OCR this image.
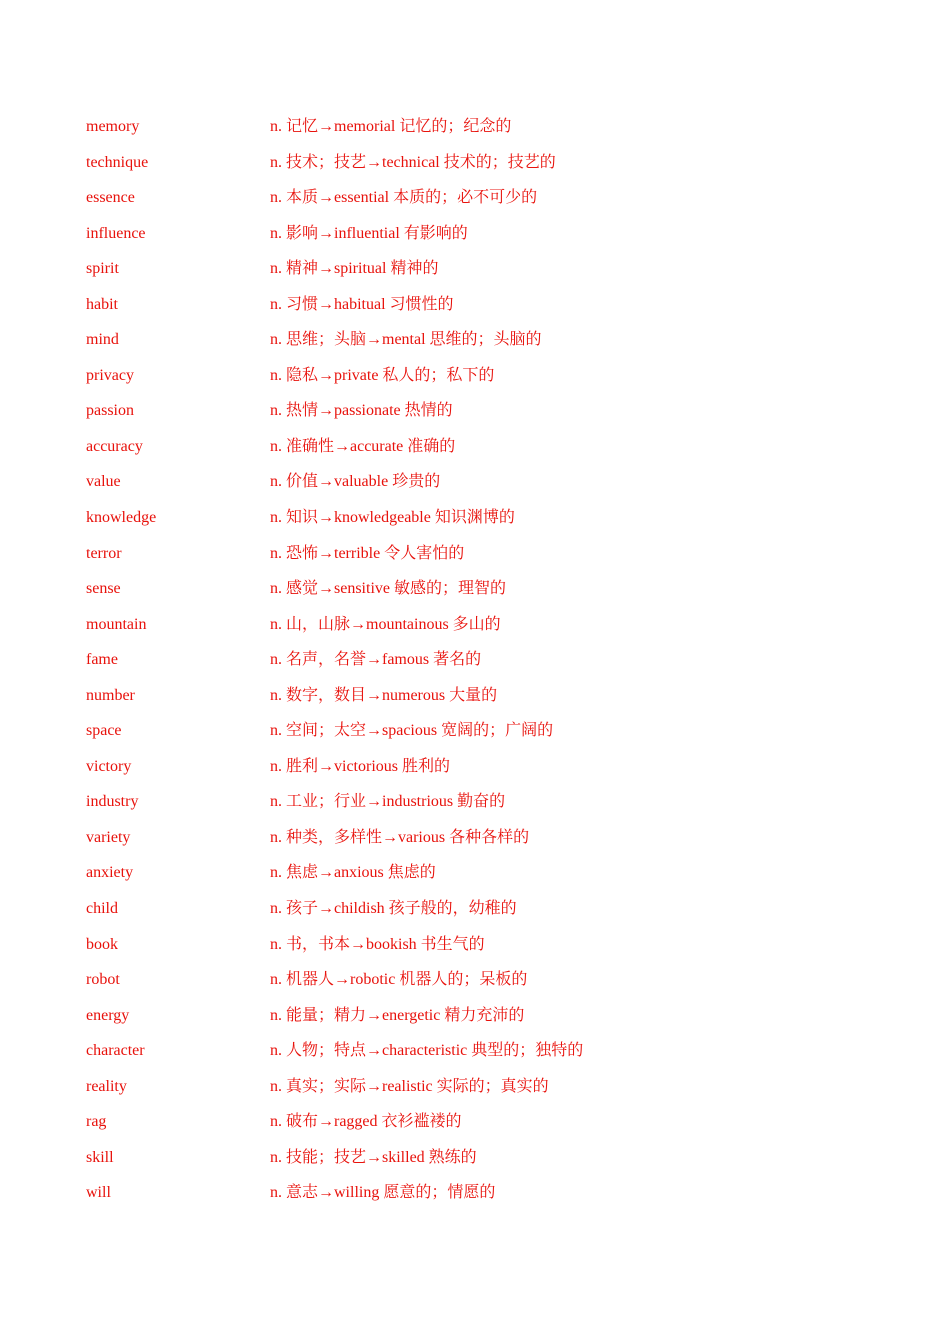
memory	n. 记忆→memorial 记忆的；纪念的
technique	n. 技术；技艺→technical 技术的；技艺的
essence	n. 本质→essential 本质的；必不可少的
influence	n. 影响→influential 有影响的
spirit	n. 精神→spiritual 精神的
habit	n. 习惯→habitual 习惯性的
mind	n. 思维；头脑→mental 思维的；头脑的
privacy	n. 隐私→private 私人的；私下的
passion	n. 热情→passionate 热情的
accuracy	n. 准确性→accurate 准确的
value	n. 价值→valuable 珍贵的
knowledge	n. 知识→knowledgeable 知识渊博的
terror	n. 恐怖→terrible 令人害怕的
sense	n. 感觉→sensitive 敏感的；理智的
mountain	n. 山，山脉→mountainous 多山的
fame	n. 名声，名誉→famous 著名的
number	n. 数字，数目→numerous 大量的
space	n. 空间；太空→spacious 宽阔的；广阔的
victory	n. 胜利→victorious 胜利的
industry	n. 工业；行业→industrious 勤奋的
variety	n. 种类，多样性→various 各种各样的
anxiety	n. 焦虑→anxious 焦虑的
child	n. 孩子→childish 孩子般的，幼稚的
book	n. 书，书本→bookish 书生气的
robot	n. 机器人→robotic 机器人的；呆板的
energy	n. 能量；精力→energetic 精力充沛的
character	n. 人物；特点→characteristic 典型的；独特的
reality	n. 真实；实际→realistic 实际的；真实的
rag	n. 破布→ragged 衣衫褴褛的
skill	n. 技能；技艺→skilled 熟练的
will	n. 意志→willing 愿意的；情愿的
